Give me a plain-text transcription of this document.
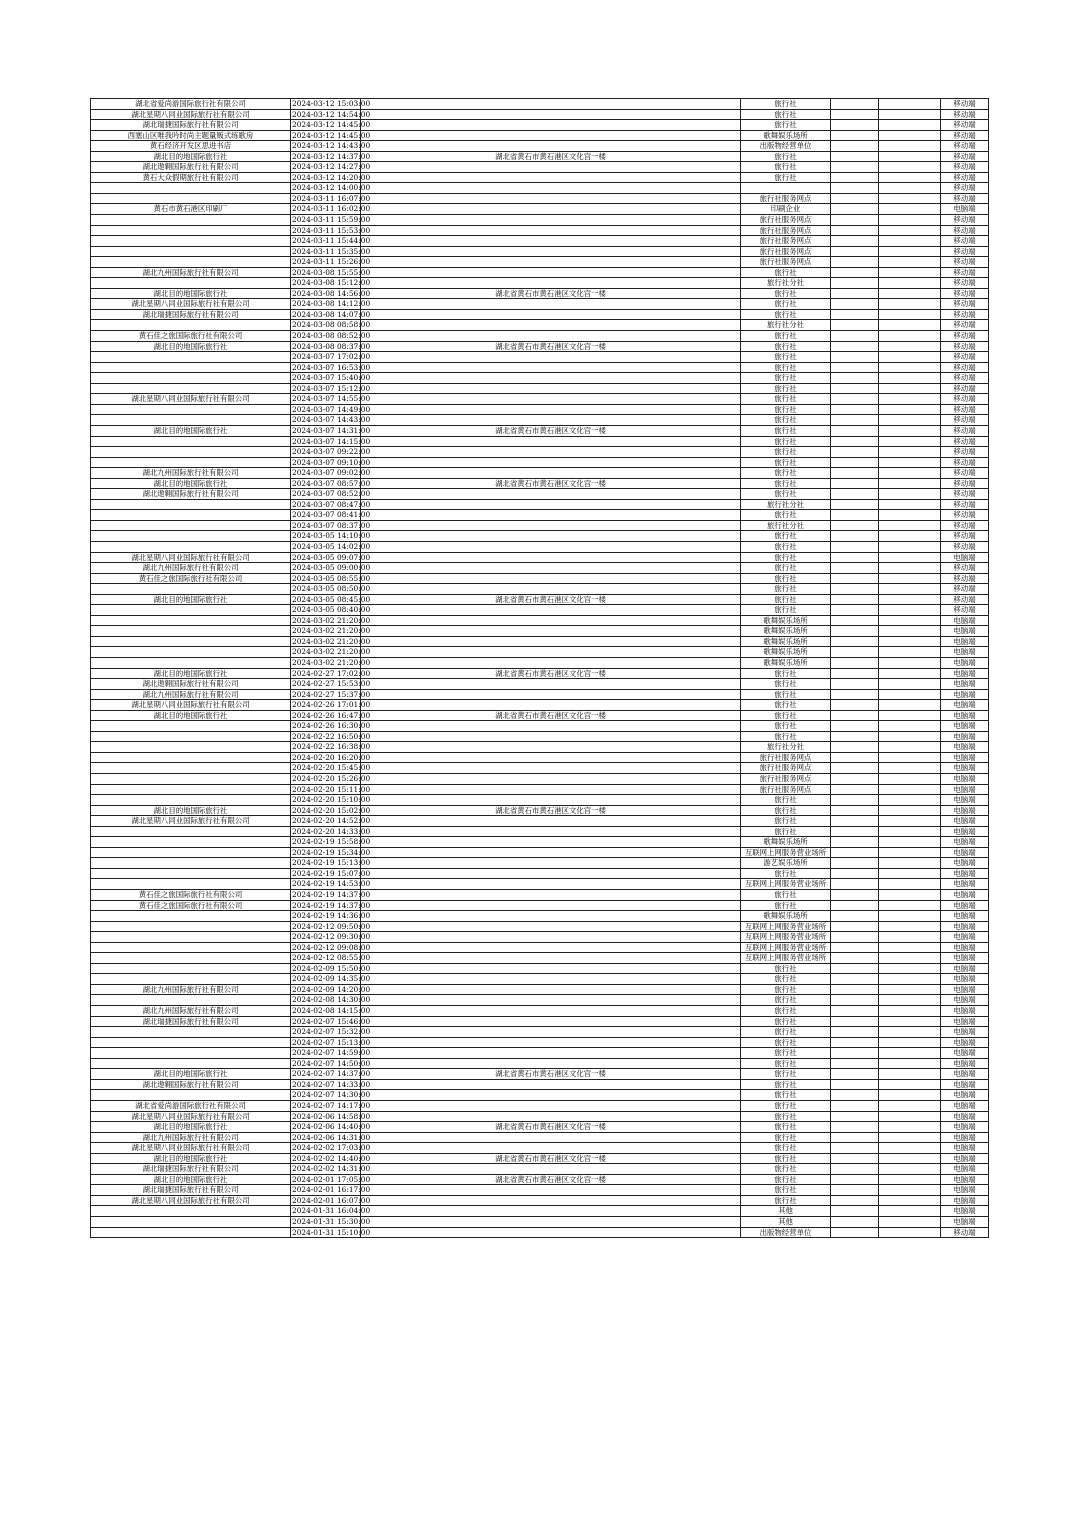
湖北省爱尚游国际旅行社有限公司	2024-03-12 15:03:00		旅行社			移动端
湖北星期八同业国际旅行社有限公司	2024-03-12 14:54:00		旅行社			移动端
湖北瑞捷国际旅行社有限公司	2024-03-12 14:45:00		旅行社			移动端
西塞山区唯我吟时尚主题量贩式练歌房	2024-03-12 14:45:00		歌舞娱乐场所			移动端
黄石经济开发区思进书店	2024-03-12 14:43:00		出版物经营单位			移动端
湖北目的地国际旅行社	2024-03-12 14:37:00	湖北省黄石市黄石港区文化宫一楼	旅行社			移动端
湖北遨翱国际旅行社有限公司	2024-03-12 14:27:00		旅行社			移动端
黄石大众假期旅行社有限公司	2024-03-12 14:20:00		旅行社			移动端
	2024-03-12 14:00:00					移动端
	2024-03-11 16:07:00		旅行社服务网点			移动端
黄石市黄石港区印刷厂	2024-03-11 16:02:00		印刷企业			电脑端
	2024-03-11 15:59:00		旅行社服务网点			移动端
	2024-03-11 15:53:00		旅行社服务网点			移动端
	2024-03-11 15:44:00		旅行社服务网点			移动端
	2024-03-11 15:35:00		旅行社服务网点			移动端
	2024-03-11 15:26:00		旅行社服务网点			移动端
湖北九州国际旅行社有限公司	2024-03-08 15:55:00		旅行社			移动端
	2024-03-08 15:12:00		旅行社分社			移动端
湖北目的地国际旅行社	2024-03-08 14:56:00	湖北省黄石市黄石港区文化宫一楼	旅行社			移动端
湖北星期八同业国际旅行社有限公司	2024-03-08 14:12:00		旅行社			移动端
湖北瑞捷国际旅行社有限公司	2024-03-08 14:07:00		旅行社			移动端
	2024-03-08 08:58:00		旅行社分社			移动端
黄石佳之旅国际旅行社有限公司	2024-03-08 08:52:00		旅行社			移动端
湖北目的地国际旅行社	2024-03-08 08:37:00	湖北省黄石市黄石港区文化宫一楼	旅行社			移动端
	2024-03-07 17:02:00		旅行社			移动端
	2024-03-07 16:53:00		旅行社			移动端
	2024-03-07 15:40:00		旅行社			移动端
	2024-03-07 15:12:00		旅行社			移动端
湖北星期八同业国际旅行社有限公司	2024-03-07 14:55:00		旅行社			移动端
	2024-03-07 14:49:00		旅行社			移动端
	2024-03-07 14:43:00		旅行社			移动端
湖北目的地国际旅行社	2024-03-07 14:31:00	湖北省黄石市黄石港区文化宫一楼	旅行社			移动端
	2024-03-07 14:15:00		旅行社			移动端
	2024-03-07 09:22:00		旅行社			移动端
	2024-03-07 09:10:00		旅行社			移动端
湖北九州国际旅行社有限公司	2024-03-07 09:02:00		旅行社			移动端
湖北目的地国际旅行社	2024-03-07 08:57:00	湖北省黄石市黄石港区文化宫一楼	旅行社			移动端
湖北遨翱国际旅行社有限公司	2024-03-07 08:52:00		旅行社			移动端
	2024-03-07 08:47:00		旅行社分社			移动端
	2024-03-07 08:41:00		旅行社			移动端
	2024-03-07 08:37:00		旅行社分社			移动端
	2024-03-05 14:10:00		旅行社			移动端
	2024-03-05 14:02:00		旅行社			移动端
湖北星期八同业国际旅行社有限公司	2024-03-05 09:07:00		旅行社			电脑端
湖北九州国际旅行社有限公司	2024-03-05 09:00:00		旅行社			移动端
黄石佳之旅国际旅行社有限公司	2024-03-05 08:55:00		旅行社			移动端
	2024-03-05 08:50:00		旅行社			移动端
湖北目的地国际旅行社	2024-03-05 08:45:00	湖北省黄石市黄石港区文化宫一楼	旅行社			移动端
	2024-03-05 08:40:00		旅行社			移动端
	2024-03-02 21:20:00		歌舞娱乐场所			电脑端
	2024-03-02 21:20:00		歌舞娱乐场所			电脑端
	2024-03-02 21:20:00		歌舞娱乐场所			电脑端
	2024-03-02 21:20:00		歌舞娱乐场所			电脑端
	2024-03-02 21:20:00		歌舞娱乐场所			电脑端
湖北目的地国际旅行社	2024-02-27 17:02:00	湖北省黄石市黄石港区文化宫一楼	旅行社			电脑端
湖北遨翱国际旅行社有限公司	2024-02-27 15:53:00		旅行社			电脑端
湖北九州国际旅行社有限公司	2024-02-27 15:37:00		旅行社			电脑端
湖北星期八同业国际旅行社有限公司	2024-02-26 17:01:00		旅行社			电脑端
湖北目的地国际旅行社	2024-02-26 16:47:00	湖北省黄石市黄石港区文化宫一楼	旅行社			电脑端
	2024-02-26 16:30:00		旅行社			电脑端
	2024-02-22 16:50:00		旅行社			电脑端
	2024-02-22 16:38:00		旅行社分社			电脑端
	2024-02-20 16:20:00		旅行社服务网点			电脑端
	2024-02-20 15:45:00		旅行社服务网点			电脑端
	2024-02-20 15:26:00		旅行社服务网点			电脑端
	2024-02-20 15:11:00		旅行社服务网点			电脑端
	2024-02-20 15:10:00		旅行社			电脑端
湖北目的地国际旅行社	2024-02-20 15:02:00	湖北省黄石市黄石港区文化宫一楼	旅行社			电脑端
湖北星期八同业国际旅行社有限公司	2024-02-20 14:52:00		旅行社			电脑端
	2024-02-20 14:33:00		旅行社			电脑端
	2024-02-19 15:58:00		歌舞娱乐场所			电脑端
	2024-02-19 15:34:00		互联网上网服务营业场所			电脑端
	2024-02-19 15:13:00		游艺娱乐场所			电脑端
	2024-02-19 15:07:00		旅行社			电脑端
	2024-02-19 14:53:00		互联网上网服务营业场所			电脑端
黄石佳之旅国际旅行社有限公司	2024-02-19 14:37:00		旅行社			电脑端
黄石佳之旅国际旅行社有限公司	2024-02-19 14:37:00		旅行社			电脑端
	2024-02-19 14:36:00		歌舞娱乐场所			电脑端
	2024-02-12 09:50:00		互联网上网服务营业场所			电脑端
	2024-02-12 09:30:00		互联网上网服务营业场所			电脑端
	2024-02-12 09:08:00		互联网上网服务营业场所			电脑端
	2024-02-12 08:55:00		互联网上网服务营业场所			电脑端
	2024-02-09 15:50:00		旅行社			电脑端
	2024-02-09 14:35:00		旅行社			电脑端
湖北九州国际旅行社有限公司	2024-02-09 14:20:00		旅行社			电脑端
	2024-02-08 14:30:00		旅行社			电脑端
湖北九州国际旅行社有限公司	2024-02-08 14:15:00		旅行社			电脑端
湖北瑞捷国际旅行社有限公司	2024-02-07 15:46:00		旅行社			电脑端
	2024-02-07 15:32:00		旅行社			电脑端
	2024-02-07 15:13:00		旅行社			电脑端
	2024-02-07 14:59:00		旅行社			电脑端
	2024-02-07 14:50:00		旅行社			电脑端
湖北目的地国际旅行社	2024-02-07 14:37:00	湖北省黄石市黄石港区文化宫一楼	旅行社			电脑端
湖北遨翱国际旅行社有限公司	2024-02-07 14:33:00		旅行社			电脑端
	2024-02-07 14:30:00		旅行社			电脑端
湖北省爱尚游国际旅行社有限公司	2024-02-07 14:17:00		旅行社			电脑端
湖北星期八同业国际旅行社有限公司	2024-02-06 14:58:00		旅行社			电脑端
湖北目的地国际旅行社	2024-02-06 14:40:00	湖北省黄石市黄石港区文化宫一楼	旅行社			电脑端
湖北九州国际旅行社有限公司	2024-02-06 14:31:00		旅行社			电脑端
湖北星期八同业国际旅行社有限公司	2024-02-02 17:03:00		旅行社			电脑端
湖北目的地国际旅行社	2024-02-02 14:40:00	湖北省黄石市黄石港区文化宫一楼	旅行社			电脑端
湖北瑞捷国际旅行社有限公司	2024-02-02 14:31:00		旅行社			电脑端
湖北目的地国际旅行社	2024-02-01 17:05:00	湖北省黄石市黄石港区文化宫一楼	旅行社			电脑端
湖北瑞捷国际旅行社有限公司	2024-02-01 16:17:00		旅行社			电脑端
湖北星期八同业国际旅行社有限公司	2024-02-01 16:07:00		旅行社			电脑端
	2024-01-31 16:04:00		其他			电脑端
	2024-01-31 15:30:00		其他			电脑端
	2024-01-31 15:10:00		出版物经营单位			移动端
